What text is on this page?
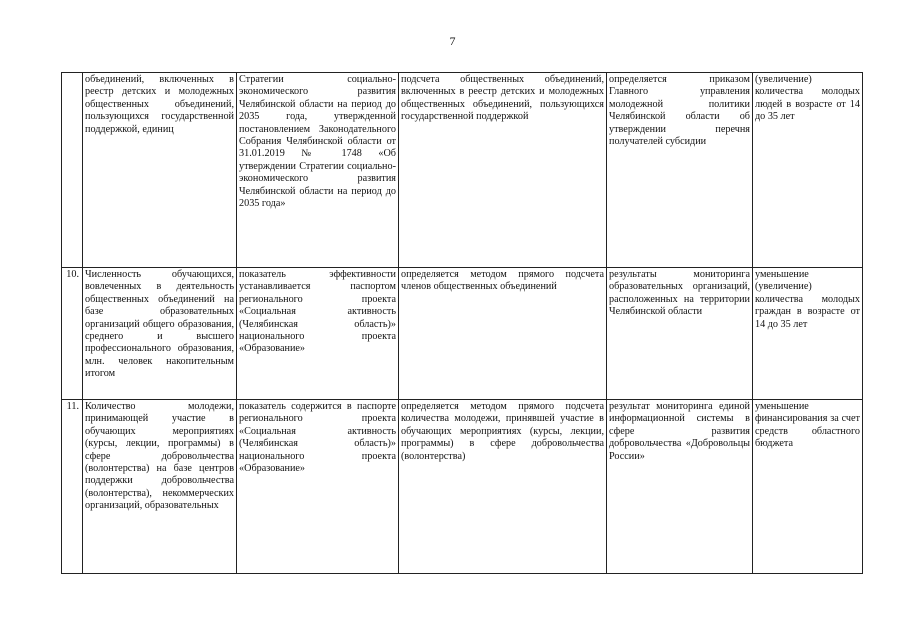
7
	объединений, включенных в реестр детских и молодежных общественных объединений, пользующихся государственной поддержкой, единиц	Стратегии социально-экономического развития Челябинской области на период до 2035 года, утвержденной постановлением Законодательного Собрания Челябинской области от 31.01.2019 № 1748 «Об утверждении Стратегии социально-экономического развития Челябинской области на период до 2035 года»	подсчета общественных объединений, включенных в реестр детских и молодежных общественных объединений, пользующихся государственной поддержкой	определяется приказом Главного управления молодежной политики Челябинской области об утверждении перечня получателей субсидии	(увеличение) количества молодых людей в возрасте от 14 до 35 лет
10.	Численность обучающихся, вовлеченных в деятельность общественных объединений на базе образовательных организаций общего образования, среднего и высшего профессионального образования, млн. человек накопительным итогом	показатель эффективности устанавливается паспортом регионального проекта «Социальная активность (Челябинская область)» национального проекта «Образование»	определяется методом прямого подсчета членов общественных объединений	результаты мониторинга образовательных организаций, расположенных на территории Челябинской области	уменьшение (увеличение) количества молодых граждан в возрасте от 14 до 35 лет
11.	Количество молодежи, принимающей участие в обучающих мероприятиях (курсы, лекции, программы) в сфере добровольчества (волонтерства) на базе центров поддержки добровольчества (волонтерства), некоммерческих организаций, образовательных	показатель содержится в паспорте регионального проекта «Социальная активность (Челябинская область)» национального проекта «Образование»	определяется методом прямого подсчета количества молодежи, принявшей участие в обучающих мероприятиях (курсы, лекции, программы) в сфере добровольчества (волонтерства)	результат мониторинга единой информационной системы в сфере развития добровольчества «Добровольцы России»	уменьшение финансирования за счет средств областного бюджета
